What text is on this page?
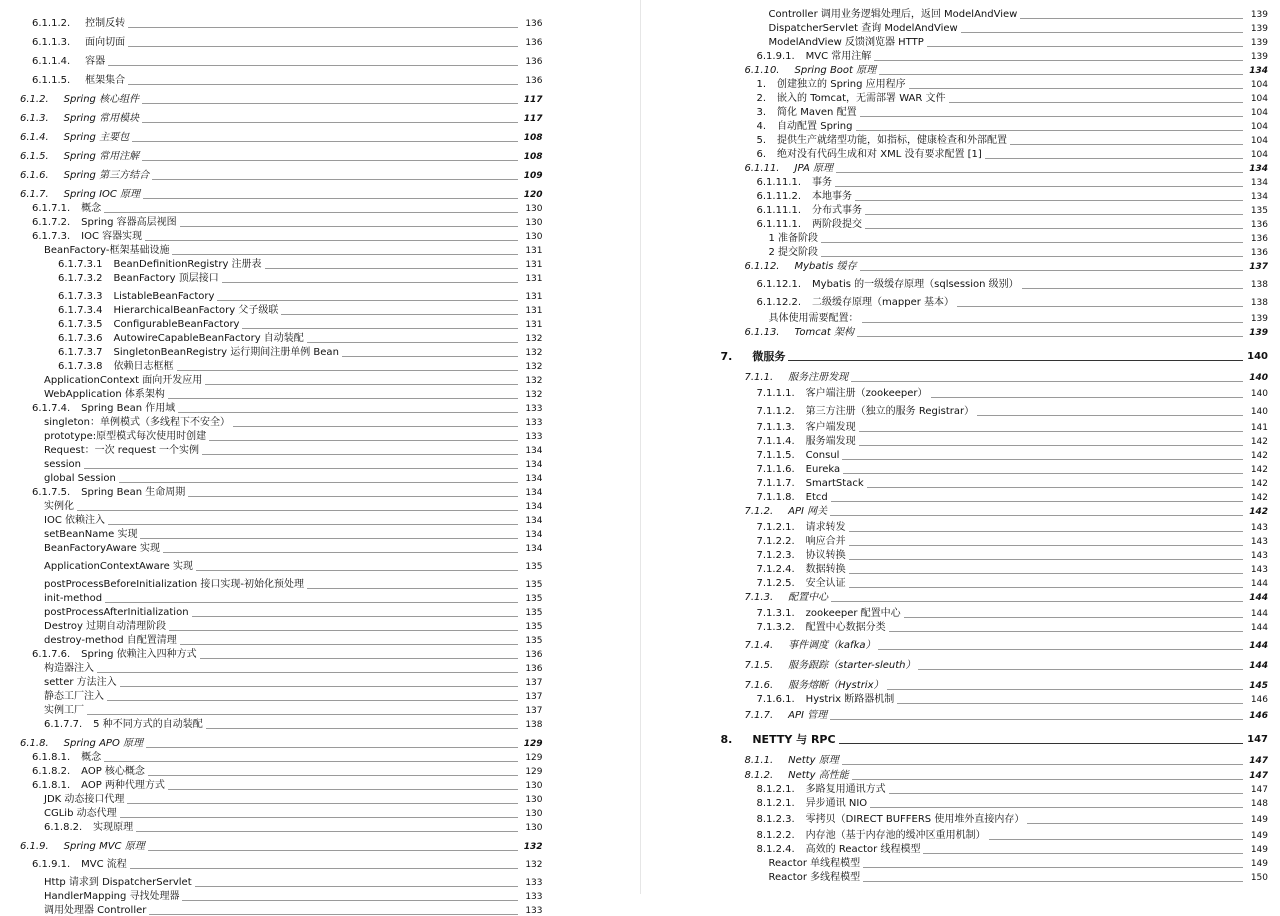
6.1.1.2. 控制反转	136
6.1.1.3. 面向切面	136
6.1.1.4. 容器	136
6.1.1.5. 框架集合	136
6.1.2. Spring 核心组件	117
6.1.3. Spring 常用模块	117
6.1.4. Spring 主要包	108
6.1.5. Spring 常用注解	108
6.1.6. Spring 第三方结合	109
6.1.7. Spring IOC 原理	120
6.1.7.1. 概念	130
6.1.7.2. Spring 容器高层视图	130
6.1.7.3. IOC 容器实现	130
BeanFactory-框架基础设施	131
6.1.7.3.1 BeanDefinitionRegistry 注册表	131
6.1.7.3.2 BeanFactory 顶层接口	131
6.1.7.3.3 ListableBeanFactory	131
6.1.7.3.4 HierarchicalBeanFactory 父子级联	131
6.1.7.3.5 ConfigurableBeanFactory	131
6.1.7.3.6 AutowireCapableBeanFactory 自动装配	132
6.1.7.3.7 SingletonBeanRegistry 运行期间注册单例 Bean	132
6.1.7.3.8 依赖日志框框	132
ApplicationContext 面向开发应用	132
WebApplication 体系架构	132
6.1.7.4. Spring Bean 作用域	133
singleton：单例模式（多线程下不安全）	133
prototype:原型模式每次使用时创建	133
Request：一次 request 一个实例	134
session	134
global Session	134
6.1.7.5. Spring Bean 生命周期	134
实例化	134
IOC 依赖注入	134
setBeanName 实现	134
BeanFactoryAware 实现	134
ApplicationContextAware 实现	135
postProcessBeforeInitialization 接口实现-初始化预处理	135
init-method	135
postProcessAfterInitialization	135
Destroy 过期自动清理阶段	135
destroy-method 自配置清理	135
6.1.7.6. Spring 依赖注入四种方式	136
构造器注入	136
setter 方法注入	137
静态工厂注入	137
实例工厂	137
6.1.7.7. 5 种不同方式的自动装配	138
6.1.8. Spring APO 原理	129
6.1.8.1. 概念	129
6.1.8.2. AOP 核心概念	129
6.1.8.1. AOP 两种代理方式	130
JDK 动态接口代理	130
CGLib 动态代理	130
6.1.8.2. 实现原理	130
6.1.9. Spring MVC 原理	132
6.1.9.1. MVC 流程	132
Http 请求到 DispatcherServlet	133
HandlerMapping 寻找处理器	133
调用处理器 Controller	133
Controller 调用业务逻辑处理后，返回 ModelAndView	139
DispatcherServlet 查询 ModelAndView	139
ModelAndView 反馈浏览器 HTTP	139
6.1.9.1. MVC 常用注解	139
6.1.10. Spring Boot 原理	134
1. 创建独立的 Spring 应用程序	104
2. 嵌入的 Tomcat，无需部署 WAR 文件	104
3. 简化 Maven 配置	104
4. 自动配置 Spring	104
5. 提供生产就绪型功能，如指标，健康检查和外部配置	104
6. 绝对没有代码生成和对 XML 没有要求配置 [1]	104
6.1.11. JPA 原理	134
6.1.11.1. 事务	134
6.1.11.2. 本地事务	134
6.1.11.1. 分布式事务	135
6.1.11.1. 两阶段提交	136
1 准备阶段	136
2 提交阶段	136
6.1.12. Mybatis 缓存	137
6.1.12.1. Mybatis 的一级缓存原理（sqlsession 级别）	138
6.1.12.2. 二级缓存原理（mapper 基本）	138
具体使用需要配置：	139
6.1.13. Tomcat 架构	139
7. 微服务	140
7.1.1. 服务注册发现	140
7.1.1.1. 客户端注册（zookeeper）	140
7.1.1.2. 第三方注册（独立的服务 Registrar）	140
7.1.1.3. 客户端发现	141
7.1.1.4. 服务端发现	142
7.1.1.5. Consul	142
7.1.1.6. Eureka	142
7.1.1.7. SmartStack	142
7.1.1.8. Etcd	142
7.1.2. API 网关	142
7.1.2.1. 请求转发	143
7.1.2.2. 响应合并	143
7.1.2.3. 协议转换	143
7.1.2.4. 数据转换	143
7.1.2.5. 安全认证	144
7.1.3. 配置中心	144
7.1.3.1. zookeeper 配置中心	144
7.1.3.2. 配置中心数据分类	144
7.1.4. 事件调度（kafka）	144
7.1.5. 服务跟踪（starter-sleuth）	144
7.1.6. 服务熔断（Hystrix）	145
7.1.6.1. Hystrix 断路器机制	146
7.1.7. API 管理	146
8. NETTY 与 RPC	147
8.1.1. Netty 原理	147
8.1.2. Netty 高性能	147
8.1.2.1. 多路复用通讯方式	147
8.1.2.1. 异步通讯 NIO	148
8.1.2.3. 零拷贝（DIRECT BUFFERS 使用堆外直接内存）	149
8.1.2.2. 内存池（基于内存池的缓冲区重用机制）	149
8.1.2.4. 高效的 Reactor 线程模型	149
Reactor 单线程模型	149
Reactor 多线程模型	150
